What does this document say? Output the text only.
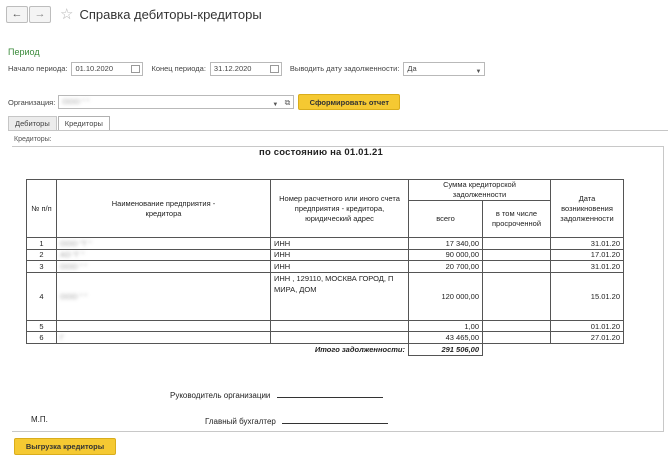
← → ☆ Справка дебиторы-кредиторы
Период
Начало периода: 01.10.2020	Конец периода: 31.12.2020	Выводить дату задолженности: Да	▼
Организация: ООО " "	▼ ⧉	Сформировать отчет
Дебиторы	Кредиторы
Кредиторы:
по состоянию на 01.01.21
№ п/п	Наименование предприятия - кредитора	Номер расчетного или иного счета предприятия - кредитора, юридический адрес	Сумма кредиторской задолженности		Дата возникновения задолженности
			всего	в том числе просроченной	

1	ООО "Т "	ИНН	17 340,00		31.01.20
2	АО "Г "	ИНН	90 000,00		17.01.20
3	ООО " "	ИНН	20 700,00		31.01.20
4	ООО " "	ИНН , 129110, МОСКВА ГОРОД, П МИРА, ДОМ	120 000,00		15.01.20
5			1,00		01.01.20
6	Г		43 465,00		27.01.20
	Итого задолженности:		291 506,00		
Руководитель организации
М.П.	Главный бухгалтер
Выгрузка кредиторы
